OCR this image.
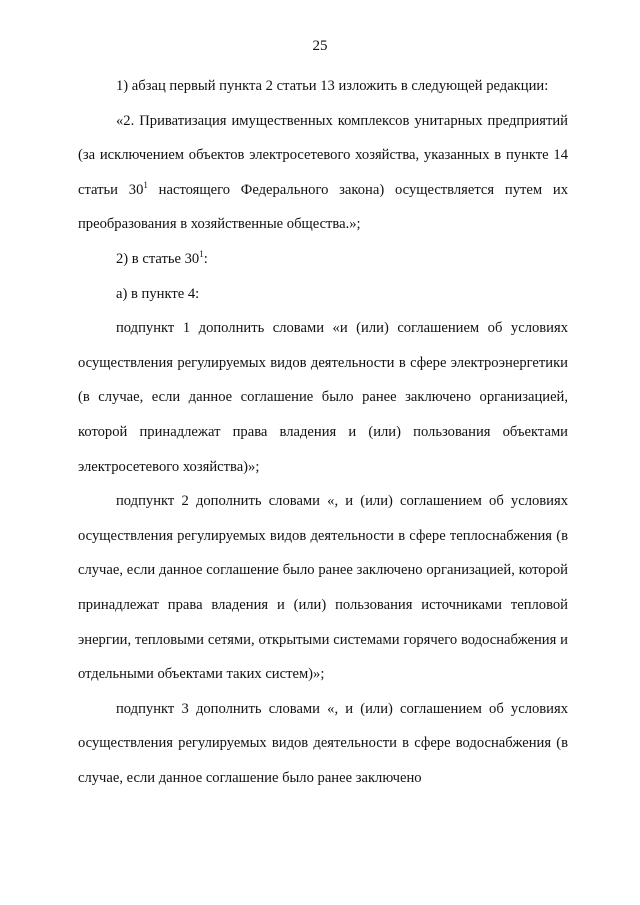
25

1) абзац первый пункта 2 статьи 13 изложить в следующей редакции:

«2. Приватизация имущественных комплексов унитарных предприятий (за исключением объектов электросетевого хозяйства, указанных в пункте 14 статьи $30^1$ настоящего Федерального закона) осуществляется путем их преобразования в хозяйственные общества.»;

2) в статье $30^1$:

а) в пункте 4:

подпункт 1 дополнить словами «и (или) соглашением об условиях осуществления регулируемых видов деятельности в сфере электроэнергетики (в случае, если данное соглашение было ранее заключено организацией, которой принадлежат права владения и (или) пользования объектами электросетевого хозяйства)»;

подпункт 2 дополнить словами «, и (или) соглашением об условиях осуществления регулируемых видов деятельности в сфере теплоснабжения (в случае, если данное соглашение было ранее заключено организацией, которой принадлежат права владения и (или) пользования источниками тепловой энергии, тепловыми сетями, открытыми системами горячего водоснабжения и отдельными объектами таких систем)»;

подпункт 3 дополнить словами «, и (или) соглашением об условиях осуществления регулируемых видов деятельности в сфере водоснабжения (в случае, если данное соглашение было ранее заключено
